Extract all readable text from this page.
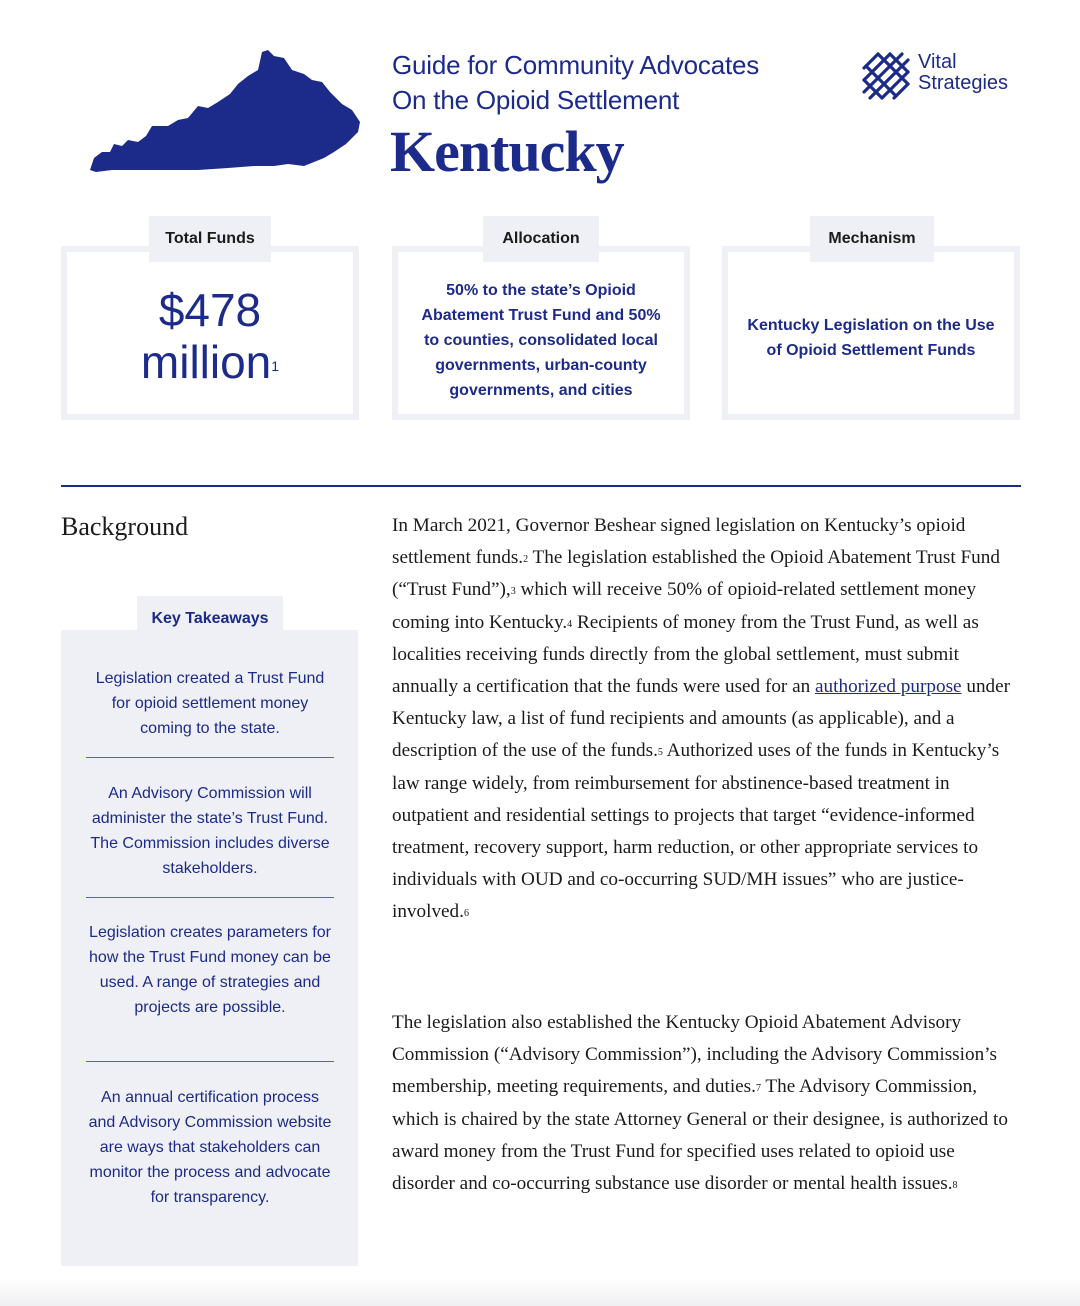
Guide for Community Advocates
On the Opioid Settlement
Kentucky
Vital
Strategies
$478
million$^1$
Total Funds
50% to the state’s Opioid Abatement Trust Fund and 50% to counties, consolidated local governments, urban-county governments, and cities
Allocation
Kentucky Legislation on the Use of Opioid Settlement Funds
Mechanism
Background
Key Takeaways
Legislation created a Trust Fund for opioid settlement money coming to the state.
An Advisory Commission will administer the state’s Trust Fund. The Commission includes diverse stakeholders.
Legislation creates parameters for how the Trust Fund money can be used. A range of strategies and projects are possible.
An annual certification process and Advisory Commission website are ways that stakeholders can monitor the process and advocate for transparency.
In March 2021, Governor Beshear signed legislation on Kentucky’s opioid settlement funds.$^2$ The legislation established the Opioid Abatement Trust Fund (“Trust Fund”),$^3$ which will receive 50% of opioid-related settlement money coming into Kentucky.$^4$ Recipients of money from the Trust Fund, as well as localities receiving funds directly from the global settlement, must submit annually a certification that the funds were used for an authorized purpose under Kentucky law, a list of fund recipients and amounts (as applicable), and a description of the use of the funds.$^5$ Authorized uses of the funds in Kentucky’s law range widely, from reimbursement for abstinence-based treatment in outpatient and residential settings to projects that target “evidence-informed treatment, recovery support, harm reduction, or other appropriate services to individuals with OUD and co-occurring SUD/MH issues” who are justice-involved.$^6$
The legislation also established the Kentucky Opioid Abatement Advisory Commission (“Advisory Commission”), including the Advisory Commission’s membership, meeting requirements, and duties.$^7$ The Advisory Commission, which is chaired by the state Attorney General or their designee, is authorized to award money from the Trust Fund for specified uses related to opioid use disorder and co-occurring substance use disorder or mental health issues.$^8$
